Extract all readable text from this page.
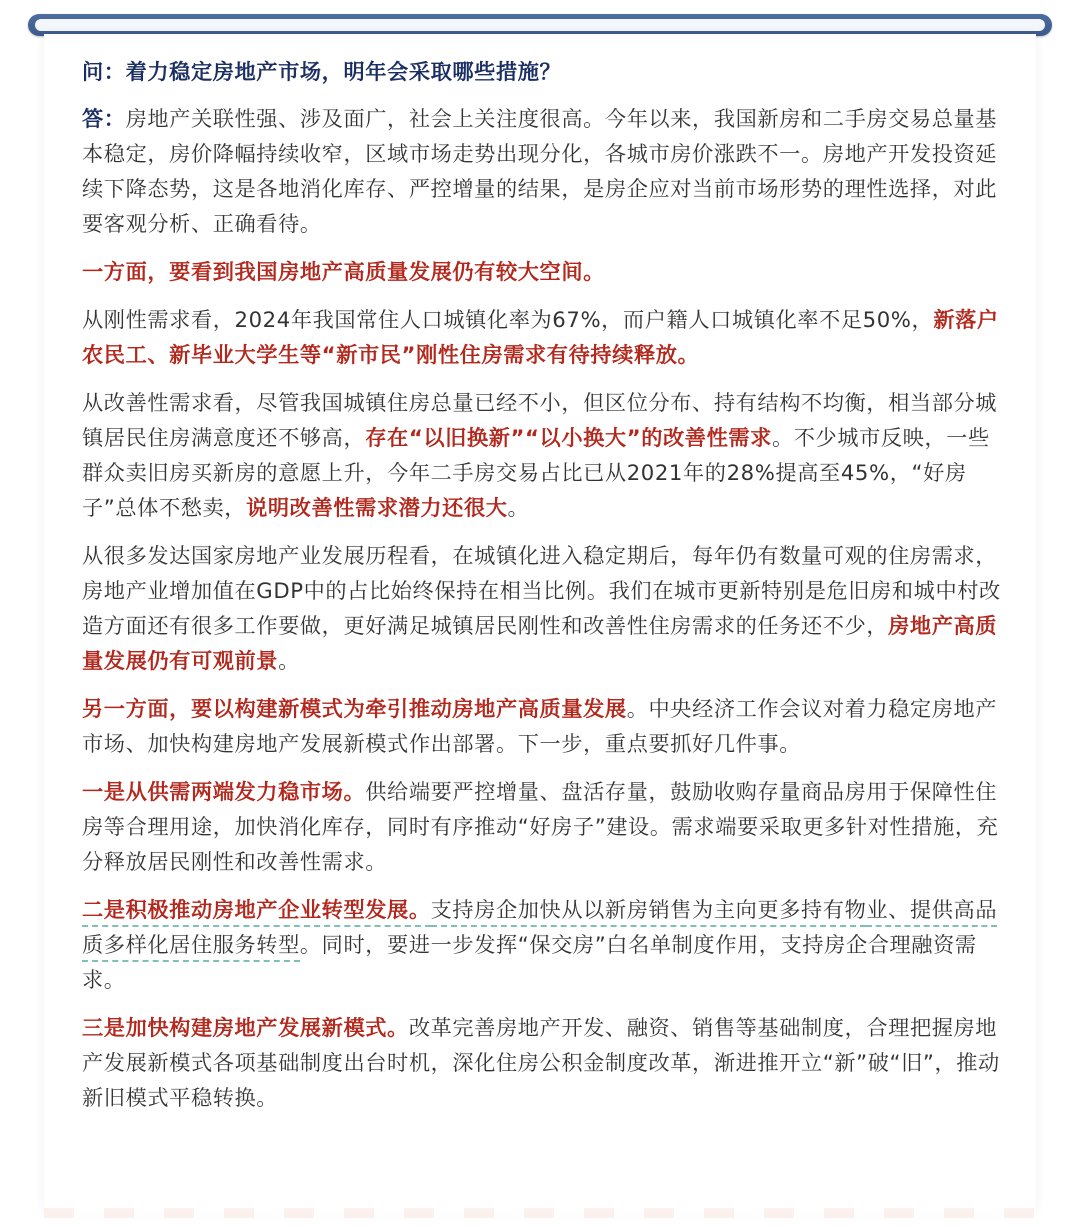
问：着力稳定房地产市场，明年会采取哪些措施？

答：房地产关联性强、涉及面广，社会上关注度很高。今年以来，我国新房和二手房交易总量基本稳定，房价降幅持续收窄，区域市场走势出现分化，各城市房价涨跌不一。房地产开发投资延续下降态势，这是各地消化库存、严控增量的结果，是房企应对当前市场形势的理性选择，对此要客观分析、正确看待。

一方面，要看到我国房地产高质量发展仍有较大空间。

从刚性需求看，2024年我国常住人口城镇化率为67%，而户籍人口城镇化率不足50%，新落户农民工、新毕业大学生等“新市民”刚性住房需求有待持续释放。

从改善性需求看，尽管我国城镇住房总量已经不小，但区位分布、持有结构不均衡，相当部分城镇居民住房满意度还不够高，存在“以旧换新”“以小换大”的改善性需求。不少城市反映，一些群众卖旧房买新房的意愿上升，今年二手房交易占比已从2021年的28%提高至45%，“好房子”总体不愁卖，说明改善性需求潜力还很大。

从很多发达国家房地产业发展历程看，在城镇化进入稳定期后，每年仍有数量可观的住房需求，房地产业增加值在GDP中的占比始终保持在相当比例。我们在城市更新特别是危旧房和城中村改造方面还有很多工作要做，更好满足城镇居民刚性和改善性住房需求的任务还不少，房地产高质量发展仍有可观前景。

另一方面，要以构建新模式为牵引推动房地产高质量发展。中央经济工作会议对着力稳定房地产市场、加快构建房地产发展新模式作出部署。下一步，重点要抓好几件事。

一是从供需两端发力稳市场。供给端要严控增量、盘活存量，鼓励收购存量商品房用于保障性住房等合理用途，加快消化库存，同时有序推动“好房子”建设。需求端要采取更多针对性措施，充分释放居民刚性和改善性需求。

二是积极推动房地产企业转型发展。支持房企加快从以新房销售为主向更多持有物业、提供高品质多样化居住服务转型。同时，要进一步发挥“保交房”白名单制度作用，支持房企合理融资需求。

三是加快构建房地产发展新模式。改革完善房地产开发、融资、销售等基础制度，合理把握房地产发展新模式各项基础制度出台时机，深化住房公积金制度改革，渐进推开立“新”破“旧”，推动新旧模式平稳转换。
